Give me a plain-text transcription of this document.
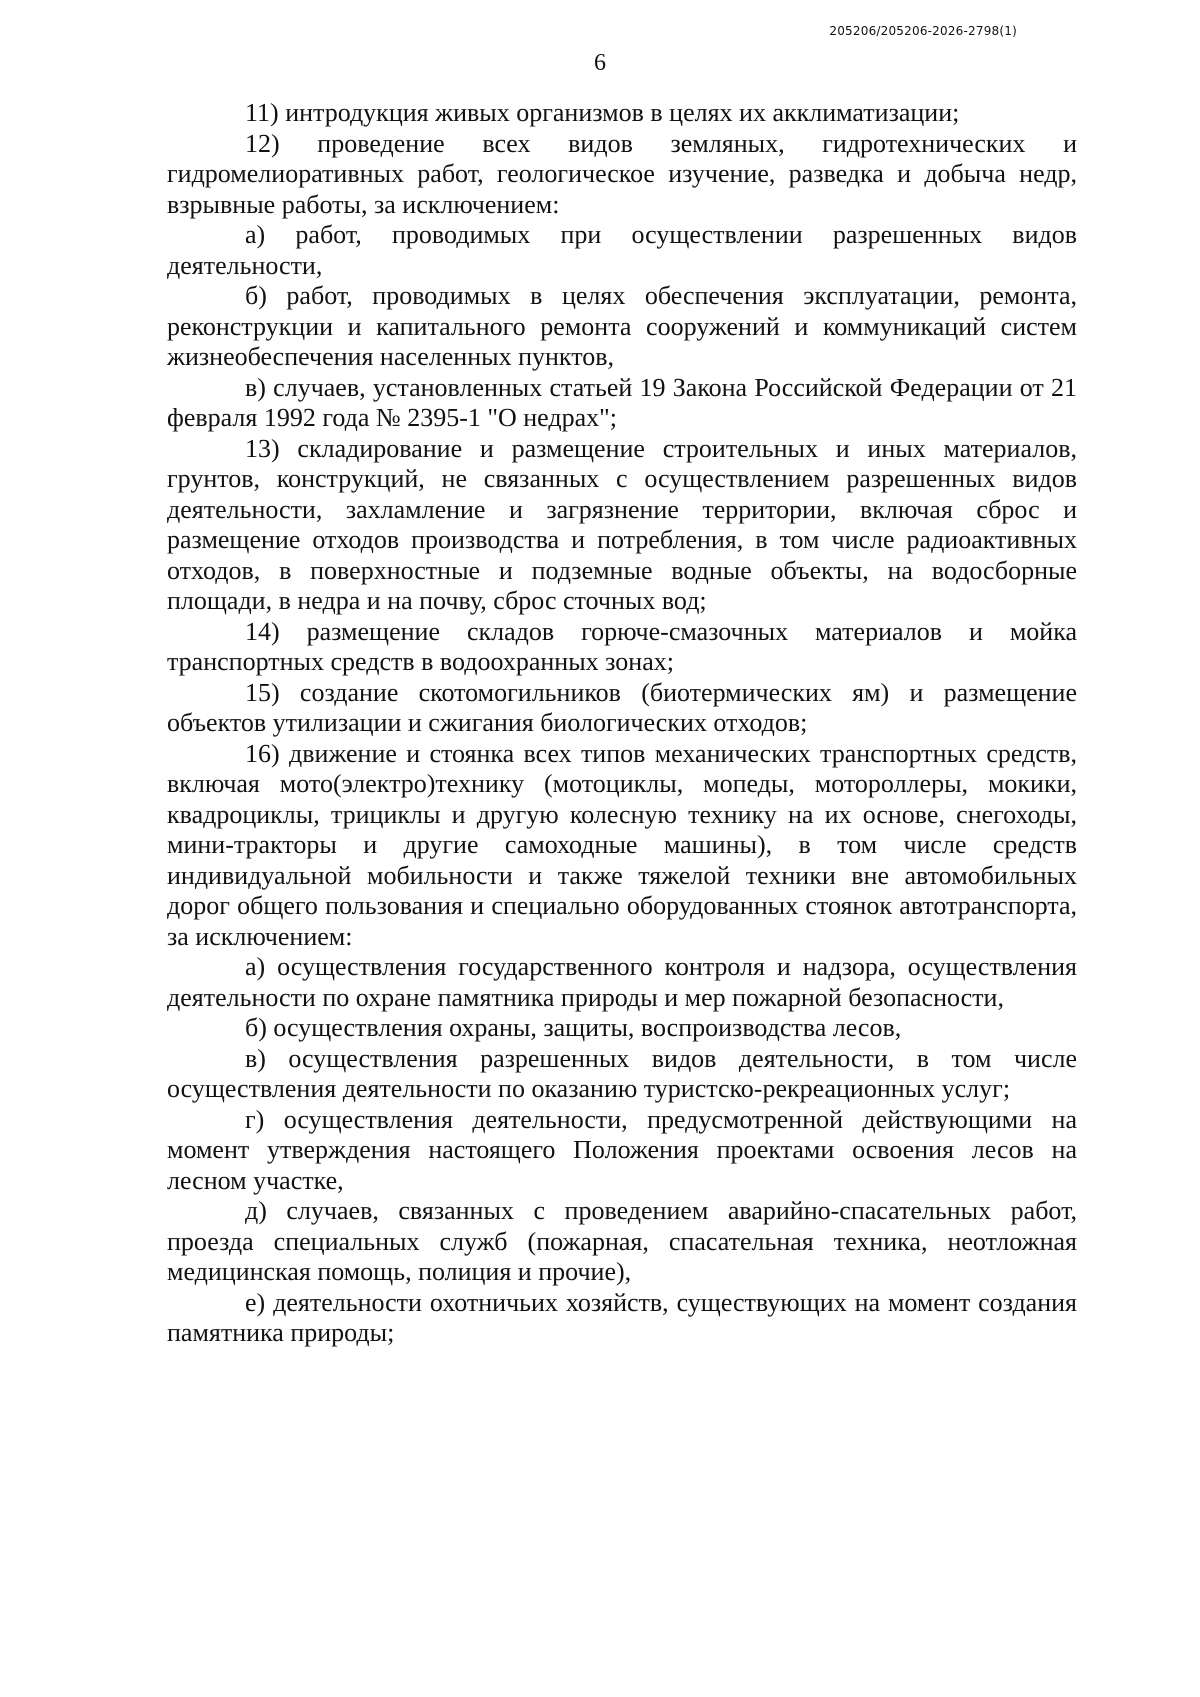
205206/205206-2026-2798(1)
6

11) интродукция живых организмов в целях их акклиматизации;

12) проведение всех видов земляных, гидротехнических и гидромелиоративных работ, геологическое изучение, разведка и добыча недр, взрывные работы, за исключением:

а) работ, проводимых при осуществлении разрешенных видов деятельности,

б) работ, проводимых в целях обеспечения эксплуатации, ремонта, реконструкции и капитального ремонта сооружений и коммуникаций систем жизнеобеспечения населенных пунктов,

в) случаев, установленных статьей 19 Закона Российской Федерации от 21 февраля 1992 года № 2395-1 "О недрах";

13) складирование и размещение строительных и иных материалов, грунтов, конструкций, не связанных с осуществлением разрешенных видов деятельности, захламление и загрязнение территории, включая сброс и размещение отходов производства и потребления, в том числе радиоактивных отходов, в поверхностные и подземные водные объекты, на водосборные площади, в недра и на почву, сброс сточных вод;

14) размещение складов горюче-смазочных материалов и мойка транспортных средств в водоохранных зонах;

15) создание скотомогильников (биотермических ям) и размещение объектов утилизации и сжигания биологических отходов;

16) движение и стоянка всех типов механических транспортных средств, включая мото(электро)технику (мотоциклы, мопеды, мотороллеры, мокики, квадроциклы, трициклы и другую колесную технику на их основе, снегоходы, мини-тракторы и другие самоходные машины), в том числе средств индивидуальной мобильности и также тяжелой техники вне автомобильных дорог общего пользования и специально оборудованных стоянок автотранспорта, за исключением:

а) осуществления государственного контроля и надзора, осуществления деятельности по охране памятника природы и мер пожарной безопасности,

б) осуществления охраны, защиты, воспроизводства лесов,

в) осуществления разрешенных видов деятельности, в том числе осуществления деятельности по оказанию туристско-рекреационных услуг;

г) осуществления деятельности, предусмотренной действующими на момент утверждения настоящего Положения проектами освоения лесов на лесном участке,

д) случаев, связанных с проведением аварийно-спасательных работ, проезда специальных служб (пожарная, спасательная техника, неотложная медицинская помощь, полиция и прочие),

е) деятельности охотничьих хозяйств, существующих на момент создания памятника природы;
